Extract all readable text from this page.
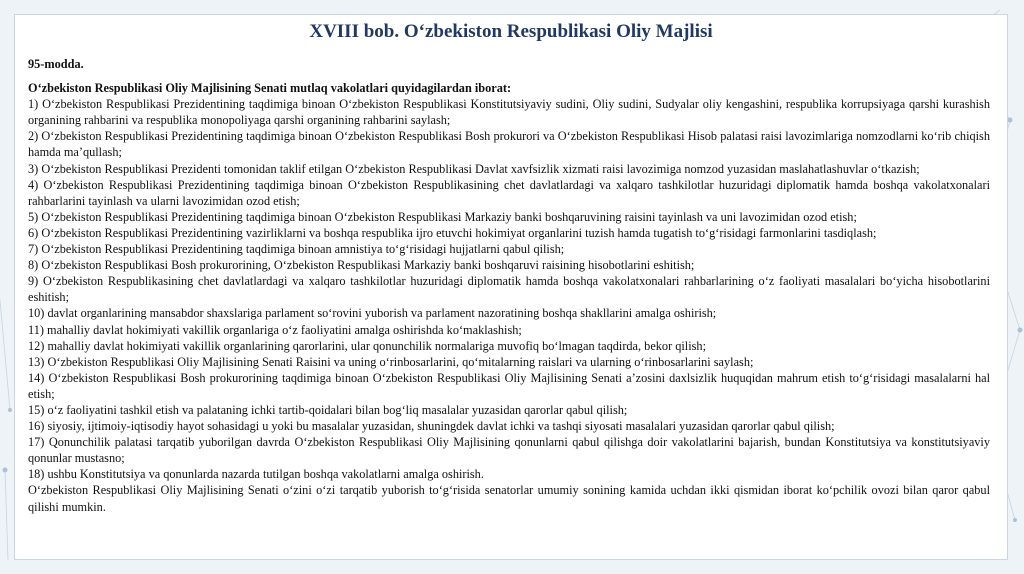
XVIII bob. O‘zbekiston Respublikasi Oliy Majlisi
95-modda.
O‘zbekiston Respublikasi Oliy Majlisining Senati mutlaq vakolatlari quyidagilardan iborat:
1) O‘zbekiston Respublikasi Prezidentining taqdimiga binoan O‘zbekiston Respublikasi Konstitutsiyaviy sudini, Oliy sudini, Sudyalar oliy kengashini, respublika korrupsiyaga qarshi kurashish organining rahbarini va respublika monopoliyaga qarshi organining rahbarini saylash;
2) O‘zbekiston Respublikasi Prezidentining taqdimiga binoan O‘zbekiston Respublikasi Bosh prokurori va O‘zbekiston Respublikasi Hisob palatasi raisi lavozimlariga nomzodlarni ko‘rib chiqish hamda ma’qullash;
3) O‘zbekiston Respublikasi Prezidenti tomonidan taklif etilgan O‘zbekiston Respublikasi Davlat xavfsizlik xizmati raisi lavozimiga nomzod yuzasidan maslahatlashuvlar o‘tkazish;
4) O‘zbekiston Respublikasi Prezidentining taqdimiga binoan O‘zbekiston Respublikasining chet davlatlardagi va xalqaro tashkilotlar huzuridagi diplomatik hamda boshqa vakolatxonalari rahbarlarini tayinlash va ularni lavozimidan ozod etish;
5) O‘zbekiston Respublikasi Prezidentining taqdimiga binoan O‘zbekiston Respublikasi Markaziy banki boshqaruvining raisini tayinlash va uni lavozimidan ozod etish;
6) O‘zbekiston Respublikasi Prezidentining vazirliklarni va boshqa respublika ijro etuvchi hokimiyat organlarini tuzish hamda tugatish to‘g‘risidagi farmonlarini tasdiqlash;
7) O‘zbekiston Respublikasi Prezidentining taqdimiga binoan amnistiya to‘g‘risidagi hujjatlarni qabul qilish;
8) O‘zbekiston Respublikasi Bosh prokurorining, O‘zbekiston Respublikasi Markaziy banki boshqaruvi raisining hisobotlarini eshitish;
9) O‘zbekiston Respublikasining chet davlatlardagi va xalqaro tashkilotlar huzuridagi diplomatik hamda boshqa vakolatxonalari rahbarlarining o‘z faoliyati masalalari bo‘yicha hisobotlarini eshitish;
10) davlat organlarining mansabdor shaxslariga parlament so‘rovini yuborish va parlament nazoratining boshqa shakllarini amalga oshirish;
11) mahalliy davlat hokimiyati vakillik organlariga o‘z faoliyatini amalga oshirishda ko‘maklashish;
12) mahalliy davlat hokimiyati vakillik organlarining qarorlarini, ular qonunchilik normalariga muvofiq bo‘lmagan taqdirda, bekor qilish;
13) O‘zbekiston Respublikasi Oliy Majlisining Senati Raisini va uning o‘rinbosarlarini, qo‘mitalarning raislari va ularning o‘rinbosarlarini saylash;
14) O‘zbekiston Respublikasi Bosh prokurorining taqdimiga binoan O‘zbekiston Respublikasi Oliy Majlisining Senati a’zosini daxlsizlik huquqidan mahrum etish to‘g‘risidagi masalalarni hal etish;
15) o‘z faoliyatini tashkil etish va palataning ichki tartib-qoidalari bilan bog‘liq masalalar yuzasidan qarorlar qabul qilish;
16) siyosiy, ijtimoiy-iqtisodiy hayot sohasidagi u yoki bu masalalar yuzasidan, shuningdek davlat ichki va tashqi siyosati masalalari yuzasidan qarorlar qabul qilish;
17) Qonunchilik palatasi tarqatib yuborilgan davrda O‘zbekiston Respublikasi Oliy Majlisining qonunlarni qabul qilishga doir vakolatlarini bajarish, bundan Konstitutsiya va konstitutsiyaviy qonunlar mustasno;
18) ushbu Konstitutsiya va qonunlarda nazarda tutilgan boshqa vakolatlarni amalga oshirish.
O‘zbekiston Respublikasi Oliy Majlisining Senati o‘zini o‘zi tarqatib yuborish to‘g‘risida senatorlar umumiy sonining kamida uchdan ikki qismidan iborat ko‘pchilik ovozi bilan qaror qabul qilishi mumkin.
